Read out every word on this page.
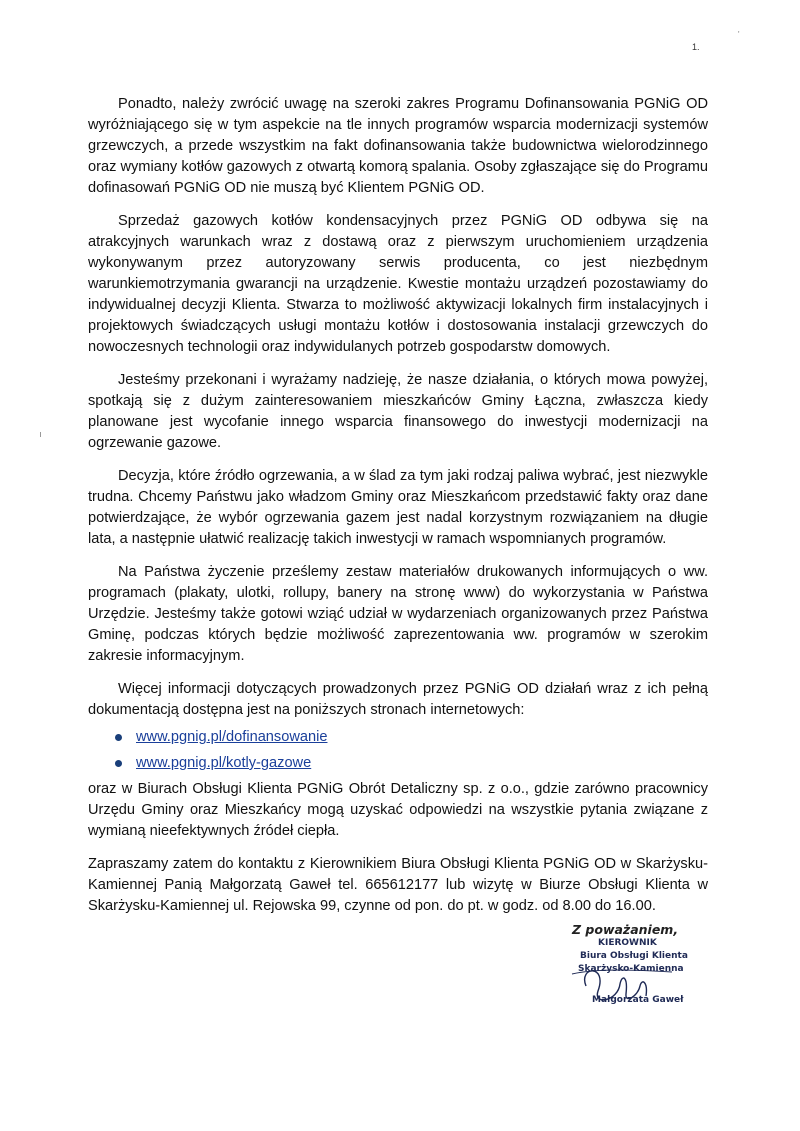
1.
'

Ponadto, należy zwrócić uwagę na szeroki zakres Programu Dofinansowania PGNiG OD wyróżniającego się w tym aspekcie na tle innych programów wsparcia modernizacji systemów grzewczych, a przede wszystkim na fakt dofinansowania także budownictwa wielorodzinnego oraz wymiany kotłów gazowych z otwartą komorą spalania. Osoby zgłaszające się do Programu dofinasowań PGNiG OD nie muszą być Klientem PGNiG OD.

Sprzedaż gazowych kotłów kondensacyjnych przez PGNiG OD odbywa się na atrakcyjnych warunkach wraz z dostawą oraz z pierwszym uruchomieniem urządzenia wykonywanym przez autoryzowany serwis producenta, co jest niezbędnym warunkiemotrzymania gwarancji na urządzenie. Kwestie montażu urządzeń pozostawiamy do indywidualnej decyzji Klienta. Stwarza to możliwość aktywizacji lokalnych firm instalacyjnych i projektowych świadczących usługi montażu kotłów i dostosowania instalacji grzewczych do nowoczesnych technologii oraz indywidulanych potrzeb gospodarstw domowych.

Jesteśmy przekonani i wyrażamy nadzieję, że nasze działania, o których mowa powyżej, spotkają się z dużym zainteresowaniem mieszkańców Gminy Łączna, zwłaszcza kiedy planowane jest wycofanie innego wsparcia finansowego do inwestycji modernizacji na ogrzewanie gazowe.

Decyzja, które źródło ogrzewania, a w ślad za tym jaki rodzaj paliwa wybrać, jest niezwykle trudna. Chcemy Państwu jako władzom Gminy oraz Mieszkańcom przedstawić fakty oraz dane potwierdzające, że wybór ogrzewania gazem jest nadal korzystnym rozwiązaniem na długie lata, a następnie ułatwić realizację takich inwestycji w ramach wspomnianych programów.

Na Państwa życzenie prześlemy zestaw materiałów drukowanych informujących o ww. programach (plakaty, ulotki, rollupy, banery na stronę www) do wykorzystania w Państwa Urzędzie. Jesteśmy także gotowi wziąć udział w wydarzeniach organizowanych przez Państwa Gminę, podczas których będzie możliwość zaprezentowania ww. programów w szerokim zakresie informacyjnym.

Więcej informacji dotyczących prowadzonych przez PGNiG OD działań wraz z ich pełną dokumentacją dostępna jest na poniższych stronach internetowych:

www.pgnig.pl/dofinansowanie
www.pgnig.pl/kotly-gazowe

oraz w Biurach Obsługi Klienta PGNiG Obrót Detaliczny sp. z o.o., gdzie zarówno pracownicy Urzędu Gminy oraz Mieszkańcy mogą uzyskać odpowiedzi na wszystkie pytania związane z wymianą nieefektywnych źródeł ciepła.

Zapraszamy zatem do kontaktu z Kierownikiem Biura Obsługi Klienta PGNiG OD w Skarżysku-Kamiennej Panią Małgorzatą Gaweł tel. 665612177 lub wizytę w Biurze Obsługi Klienta w Skarżysku-Kamiennej ul. Rejowska 99, czynne od pon. do pt. w godz. od 8.00 do 16.00.

Z poważaniem,
KIEROWNIK
Biura Obsługi Klienta
Skarżysko-Kamienna
Małgorzata Gaweł
